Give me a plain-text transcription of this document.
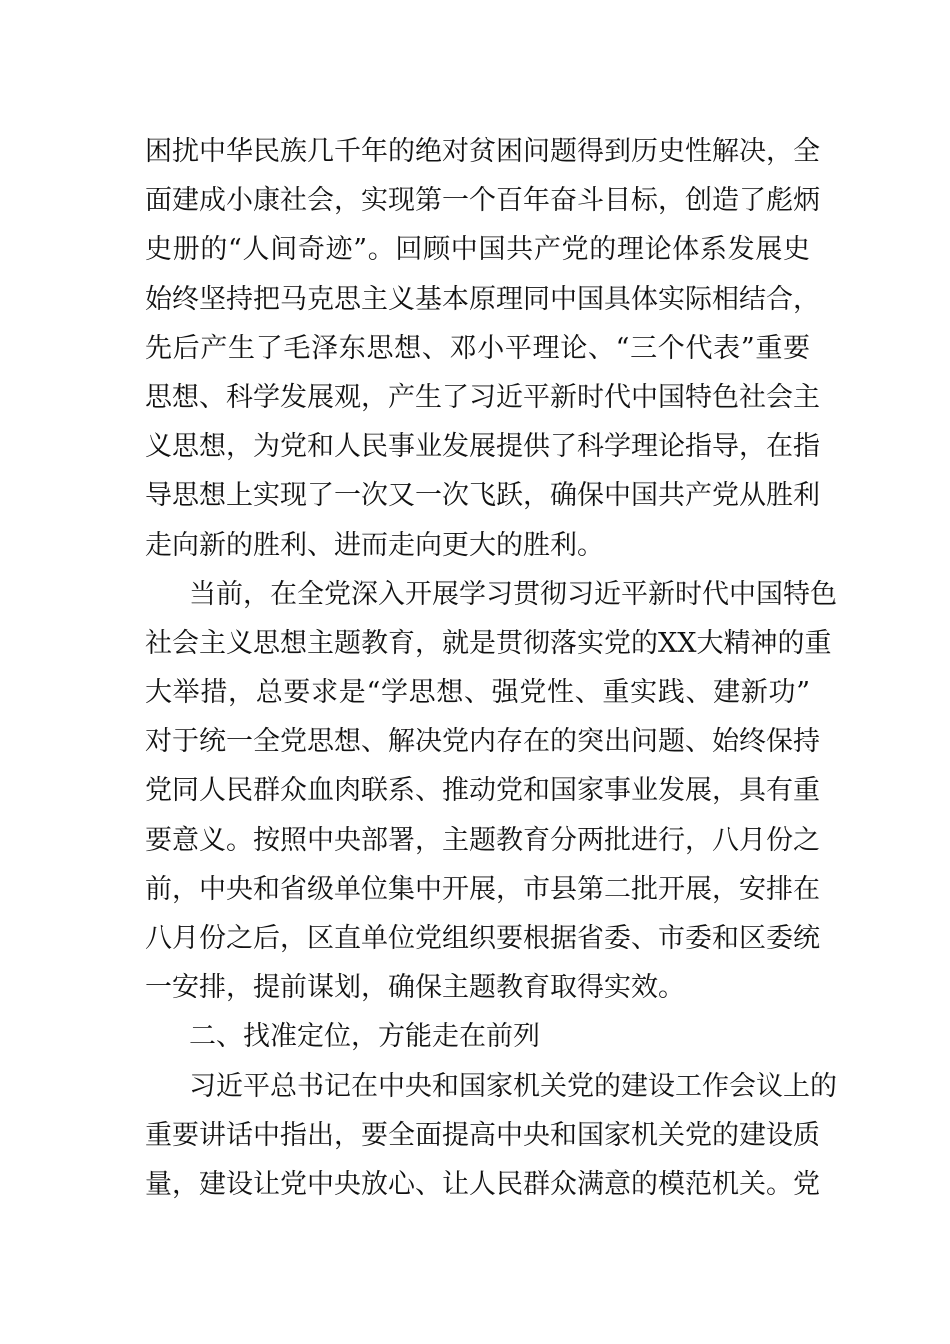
困扰中华民族几千年的绝对贫困问题得到历史性解决，全
面建成小康社会，实现第一个百年奋斗目标，创造了彪炳
史册的“人间奇迹”。回顾中国共产党的理论体系发展史
始终坚持把马克思主义基本原理同中国具体实际相结合，
先后产生了毛泽东思想、邓小平理论、“三个代表”重要
思想、科学发展观，产生了习近平新时代中国特色社会主
义思想，为党和人民事业发展提供了科学理论指导，在指
导思想上实现了一次又一次飞跃，确保中国共产党从胜利
走向新的胜利、进而走向更大的胜利。
当前，在全党深入开展学习贯彻习近平新时代中国特色
社会主义思想主题教育，就是贯彻落实党的XX大精神的重
大举措，总要求是“学思想、强党性、重实践、建新功”
对于统一全党思想、解决党内存在的突出问题、始终保持
党同人民群众血肉联系、推动党和国家事业发展，具有重
要意义。按照中央部署，主题教育分两批进行，八月份之
前，中央和省级单位集中开展，市县第二批开展，安排在
八月份之后，区直单位党组织要根据省委、市委和区委统
一安排，提前谋划，确保主题教育取得实效。
二、找准定位，方能走在前列
习近平总书记在中央和国家机关党的建设工作会议上的
重要讲话中指出，要全面提高中央和国家机关党的建设质
量，建设让党中央放心、让人民群众满意的模范机关。党
